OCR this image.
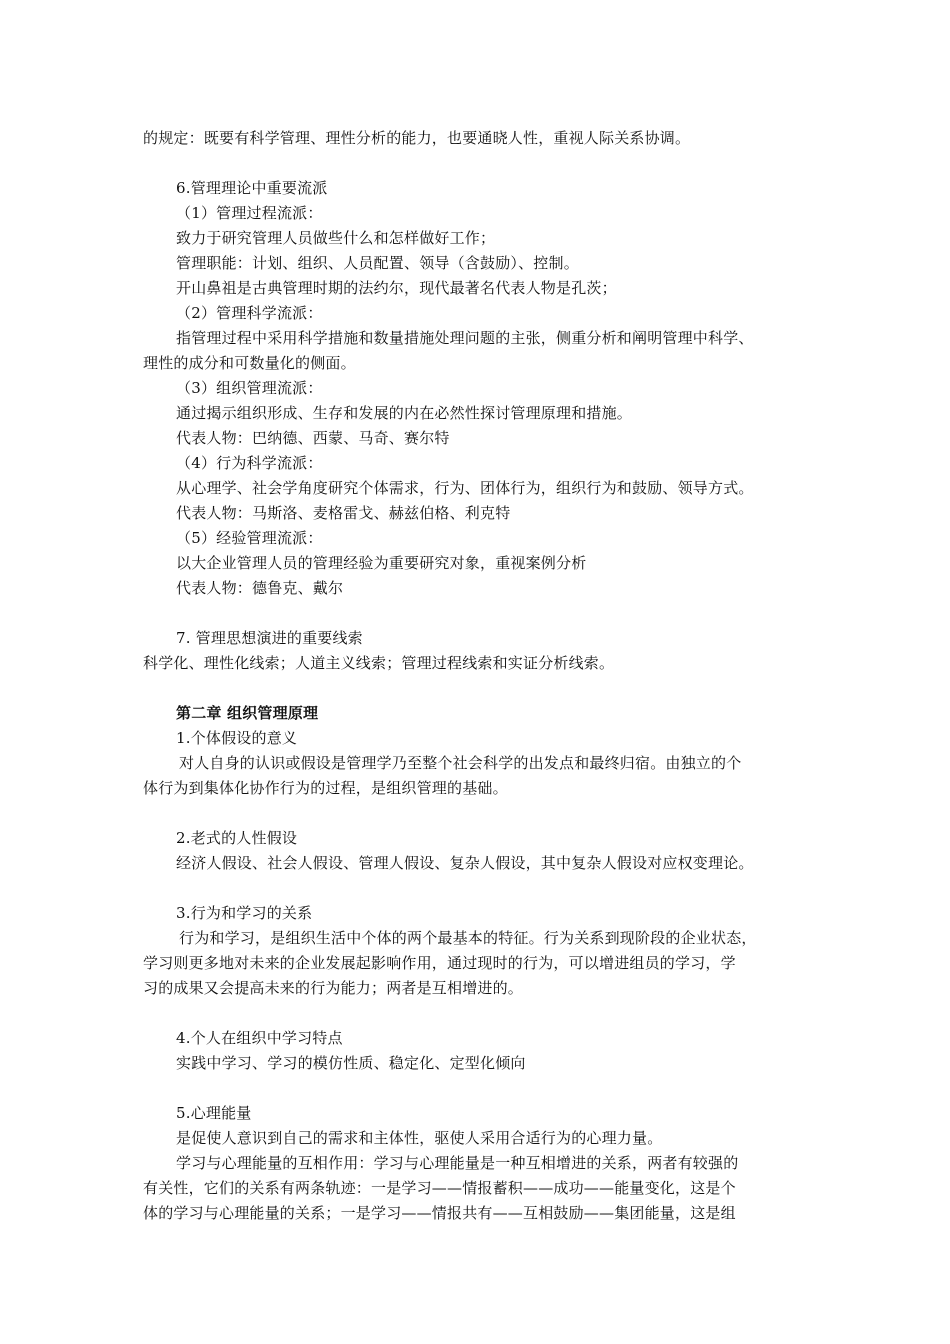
的规定：既要有科学管理、理性分析的能力，也要通晓人性，重视人际关系协调。
6.管理理论中重要流派
（1）管理过程流派：
致力于研究管理人员做些什么和怎样做好工作；
管理职能：计划、组织、人员配置、领导（含鼓励）、控制。
开山鼻祖是古典管理时期的法约尔，现代最著名代表人物是孔茨；
（2）管理科学流派：
指管理过程中采用科学措施和数量措施处理问题的主张，侧重分析和阐明管理中科学、
理性的成分和可数量化的侧面。
（3）组织管理流派：
通过揭示组织形成、生存和发展的内在必然性探讨管理原理和措施。
代表人物：巴纳德、西蒙、马奇、赛尔特
（4）行为科学流派：
从心理学、社会学角度研究个体需求，行为、团体行为，组织行为和鼓励、领导方式。
代表人物：马斯洛、麦格雷戈、赫兹伯格、利克特
（5）经验管理流派：
以大企业管理人员的管理经验为重要研究对象，重视案例分析
代表人物：德鲁克、戴尔
7. 管理思想演进的重要线索
科学化、理性化线索；人道主义线索；管理过程线索和实证分析线索。
第二章 组织管理原理
1.个体假设的意义
对人自身的认识或假设是管理学乃至整个社会科学的出发点和最终归宿。由独立的个
体行为到集体化协作行为的过程，是组织管理的基础。
2.老式的人性假设
经济人假设、社会人假设、管理人假设、复杂人假设，其中复杂人假设对应权变理论。
3.行为和学习的关系
行为和学习，是组织生活中个体的两个最基本的特征。行为关系到现阶段的企业状态，
学习则更多地对未来的企业发展起影响作用，通过现时的行为，可以增进组员的学习，学
习的成果又会提高未来的行为能力；两者是互相增进的。
4.个人在组织中学习特点
实践中学习、学习的模仿性质、稳定化、定型化倾向
5.心理能量
是促使人意识到自己的需求和主体性，驱使人采用合适行为的心理力量。
学习与心理能量的互相作用：学习与心理能量是一种互相增进的关系，两者有较强的
有关性，它们的关系有两条轨迹：一是学习——情报蓄积——成功——能量变化，这是个
体的学习与心理能量的关系；一是学习——情报共有——互相鼓励——集团能量，这是组
